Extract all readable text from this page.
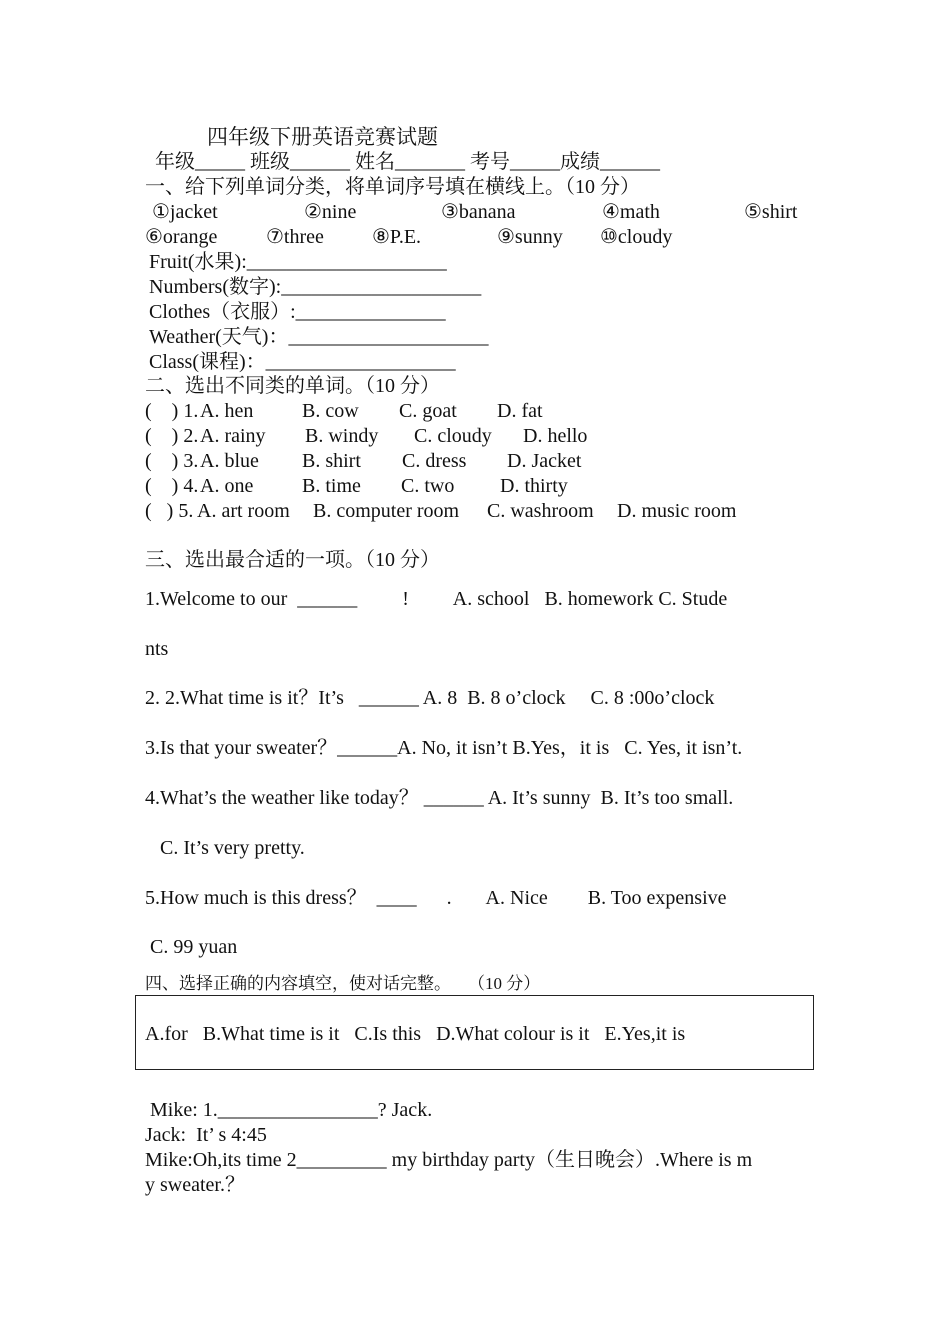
四年级下册英语竞赛试题
年级_____ 班级______ 姓名_______ 考号_____成绩______
一、给下列单词分类，将单词序号填在横线上。（10 分）
①jacket	②nine	③banana	④math	⑤shirt
⑥orange ⑦three ⑧P.E.	⑨sunny ⑩cloudy
Fruit(水果):____________________
Numbers(数字):____________________
Clothes（衣服）:_______________
Weather(天气)：____________________
Class(课程)：___________________
二、选出不同类的单词。（10 分）
(    ) 1. A. hen B. cow C. goat D. fat
(    ) 2. A. rainy B. windy C. cloudy D. hello
(    ) 3. A. blue B. shirt C. dress D. Jacket
(    ) 4. A. one B. time C. two D. thirty
(   ) 5. A. art room B. computer room C. washroom D. music room
三、选出最合适的一项。（10 分）
1.Welcome to our  ______         !         A. school   B. homework C. Stude
nts
2. 2.What time is it？It’s   ______ A. 8  B. 8 o’clock     C. 8 :00o’clock
3.Is that your sweater？______A. No, it isn’t B.Yes，it is   C. Yes, it isn’t.
4.What’s the weather like today？ ______ A. It’s sunny  B. It’s too small.
C. It’s very pretty.
5.How much is this dress？  ____      .       A. Nice        B. Too expensive
C. 99 yuan
四、选择正确的内容填空，使对话完整。    （10 分）
A.for   B.What time is it   C.Is this   D.What colour is it   E.Yes,it is
Mike: 1.________________? Jack.
Jack:  It’ s 4:45
Mike:Oh,its time 2_________ my birthday party（生日晚会）.Where is m
y sweater.？
